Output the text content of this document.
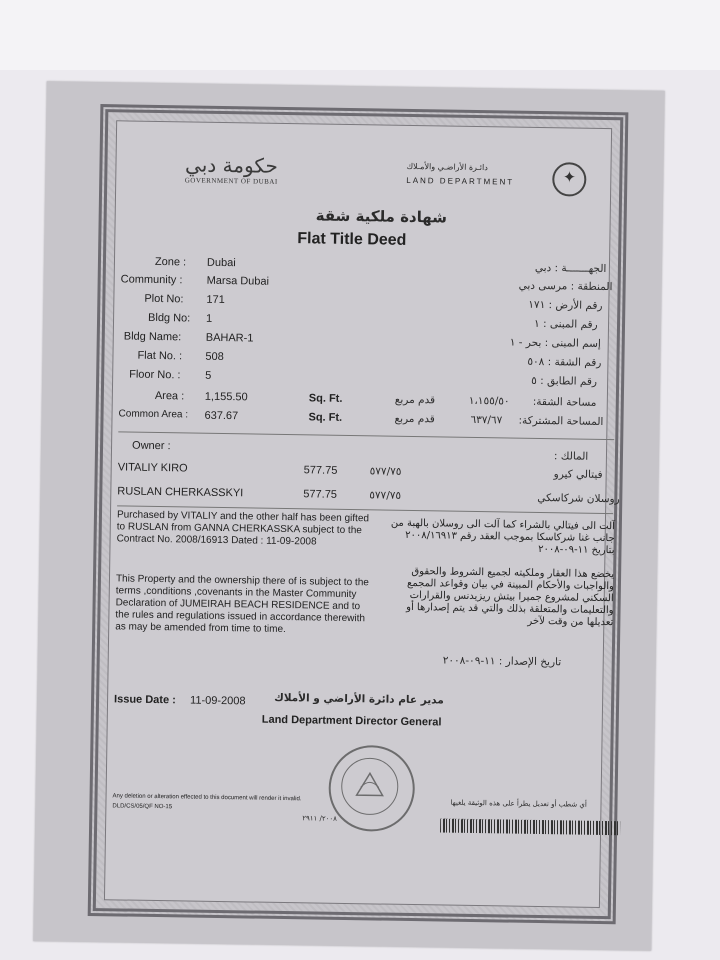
حكومة دبي
GOVERNMENT OF DUBAI
دائـرة الأراضـي والأمـلاك
LAND DEPARTMENT	✦
شهادة ملكية شقة
Flat Title Deed
Zone : Dubai	الجهـــــــة : دبي
Community : Marsa Dubai	المنطقة : مرسى دبي
Plot No: 171	رقم الأرض : ١٧١
Bldg No: 1	رقم المبنى : ١
Bldg Name: BAHAR-1	إسم المبنى : بحر - ١
Flat No. : 508	رقم الشقة : ٥٠٨
Floor No. : 5	رقم الطابق : ٥
Area : 1,155.50	Sq. Ft.	قدم مربع	١،١٥٥/٥٠ مساحة الشقة:
Common Area : 637.67	Sq. Ft.	قدم مربع	٦٣٧/٦٧ المساحة المشتركة:
Owner :
المالك :
VITALIY KIRO	577.75	٥٧٧/٧٥	فيتالي كيرو
RUSLAN CHERKASSKYI	577.75	٥٧٧/٧٥	روسلان شركاسكي
Purchased by VITALIY and the other half has been gifted to RUSLAN from GANNA CHERKASSKA subject to the Contract No. 2008/16913 Dated : 11-09-2008
آلت الى فيتالي بالشراء كما آلت الى روسلان بالهبة من جانب غنا شركاسكا بموجب العقد رقم ٢٠٠٨/١٦٩١٣ بتاريخ ١١-٠٩-٢٠٠٨
This Property and the ownership there of is subject to the terms ,conditions ,covenants in the Master Community Declaration of JUMEIRAH BEACH RESIDENCE and to the rules and regulations issued in accordance therewith as may be amended from time to time.
يخضع هذا العقار وملكيته لجميع الشروط والحقوق والواجبات والأحكام المبينة في بيان وقواعد المجمع السكني لمشروع جميرا بيتش ريزيدنس والقرارات والتعليمات والمتعلقة بذلك والتي قد يتم إصدارها أو تعديلها من وقت لآخر
تاريخ الإصدار : ١١-٠٩-٢٠٠٨
Issue Date : 11-09-2008	مدير عام دائرة الأراضي و الأملاك
Land Department Director General
Any deletion or alteration effected to this document will render it invalid.
DLD/CS/05/QF NO-15	أي شطب أو تعديل يطرأ على هذه الوثيقة يلغيها
٢٠٠٨/ ٢٩١١
